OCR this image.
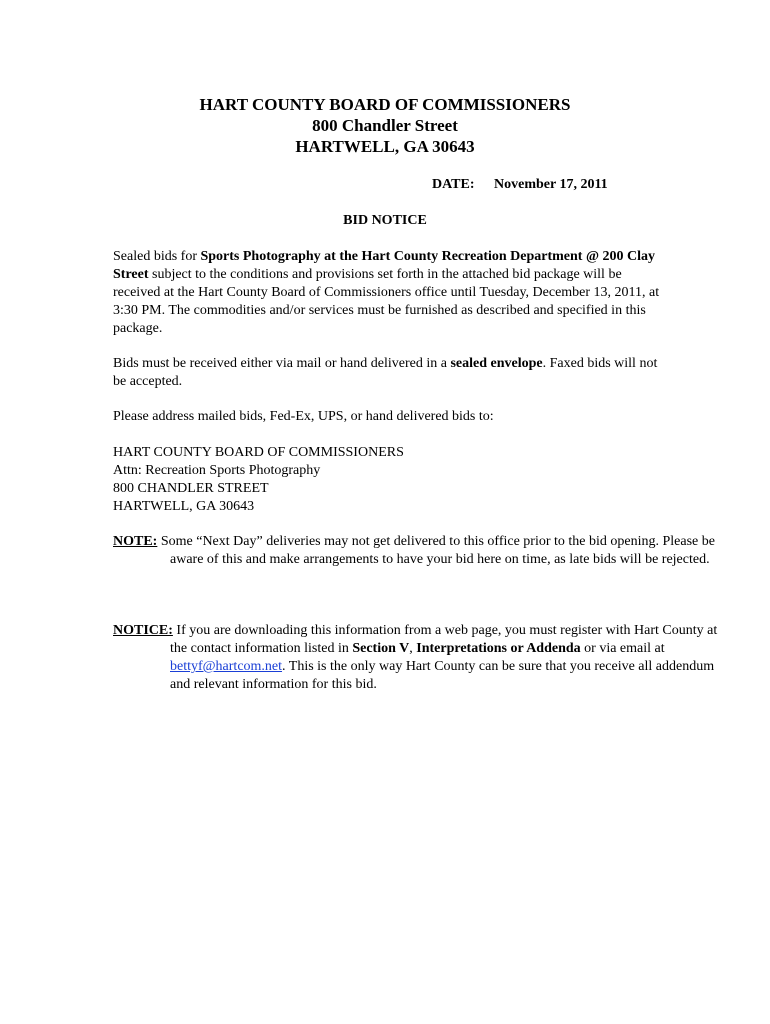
HART COUNTY BOARD OF COMMISSIONERS
800 Chandler Street
HARTWELL, GA 30643
DATE: November 17, 2011
BID NOTICE
Sealed bids for Sports Photography at the Hart County Recreation Department @ 200 Clay Street subject to the conditions and provisions set forth in the attached bid package will be received at the Hart County Board of Commissioners office until Tuesday, December 13, 2011, at 3:30 PM. The commodities and/or services must be furnished as described and specified in this package.
Bids must be received either via mail or hand delivered in a sealed envelope. Faxed bids will not be accepted.
Please address mailed bids, Fed-Ex, UPS, or hand delivered bids to:
HART COUNTY BOARD OF COMMISSIONERS
Attn: Recreation Sports Photography
800 CHANDLER STREET
HARTWELL, GA 30643
NOTE: Some “Next Day” deliveries may not get delivered to this office prior to the bid opening. Please be aware of this and make arrangements to have your bid here on time, as late bids will be rejected.
NOTICE: If you are downloading this information from a web page, you must register with Hart County at the contact information listed in Section V, Interpretations or Addenda or via email at bettyf@hartcom.net. This is the only way Hart County can be sure that you receive all addendum and relevant information for this bid.
